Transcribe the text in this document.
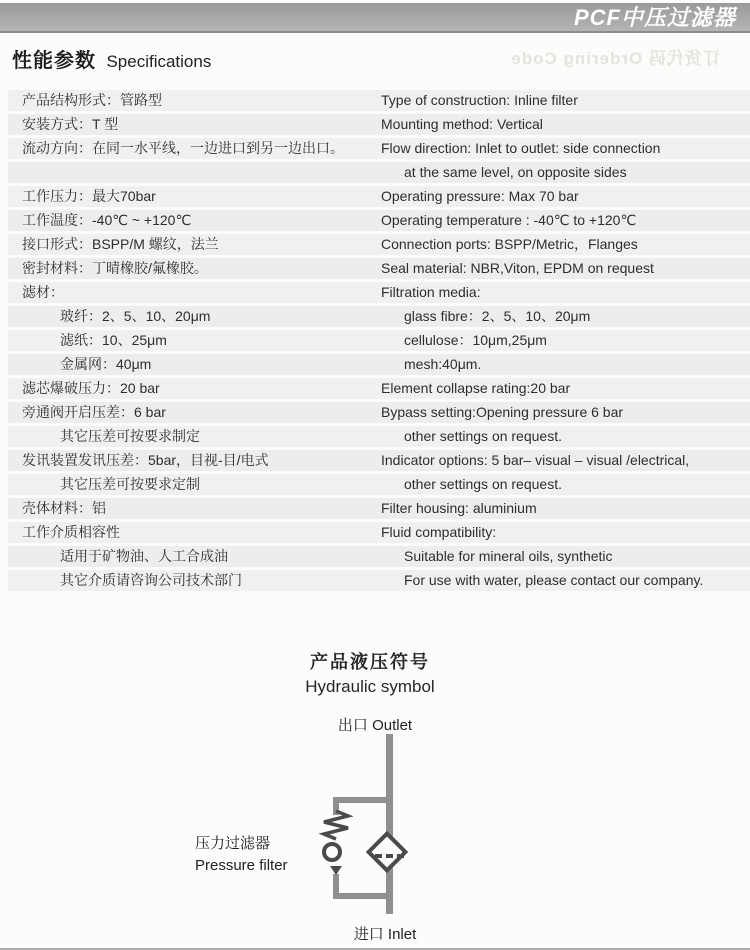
PCF中压过滤器
订货代码 Ordering Code
性能参数 Specifications
产品结构形式：管路型	Type of construction: Inline filter
安装方式：T 型	Mounting method: Vertical
流动方向：在同一水平线，一边进口到另一边出口。	Flow direction: Inlet to outlet: side connection
at the same level, on opposite sides
工作压力：最大70bar	Operating pressure: Max 70 bar
工作温度：-40℃ ~ +120℃	Operating temperature : -40℃ to +120℃
接口形式：BSPP/M 螺纹，法兰	Connection ports: BSPP/Metric，Flanges
密封材料：丁晴橡胶/氟橡胶。	Seal material: NBR,Viton, EPDM on request
滤材：	Filtration media:
玻纤：2、5、10、20μm	glass fibre：2、5、10、20μm
滤纸：10、25μm	cellulose：10μm,25μm
金属网：40μm	mesh:40μm.
滤芯爆破压力：20 bar	Element collapse rating:20 bar
旁通阀开启压差：6 bar	Bypass setting:Opening pressure 6 bar
其它压差可按要求制定	other settings on request.
发讯装置发讯压差：5bar，目视-目/电式	Indicator options: 5 bar– visual – visual /electrical,
其它压差可按要求定制	other settings on request.
壳体材料：铝	Filter housing: aluminium
工作介质相容性	Fluid compatibility:
适用于矿物油、人工合成油	Suitable for mineral oils, synthetic
其它介质请咨询公司技术部门	For use with water, please contact our company.
产品液压符号
Hydraulic symbol
出口 Outlet
压力过滤器
Pressure filter
进口 Inlet
